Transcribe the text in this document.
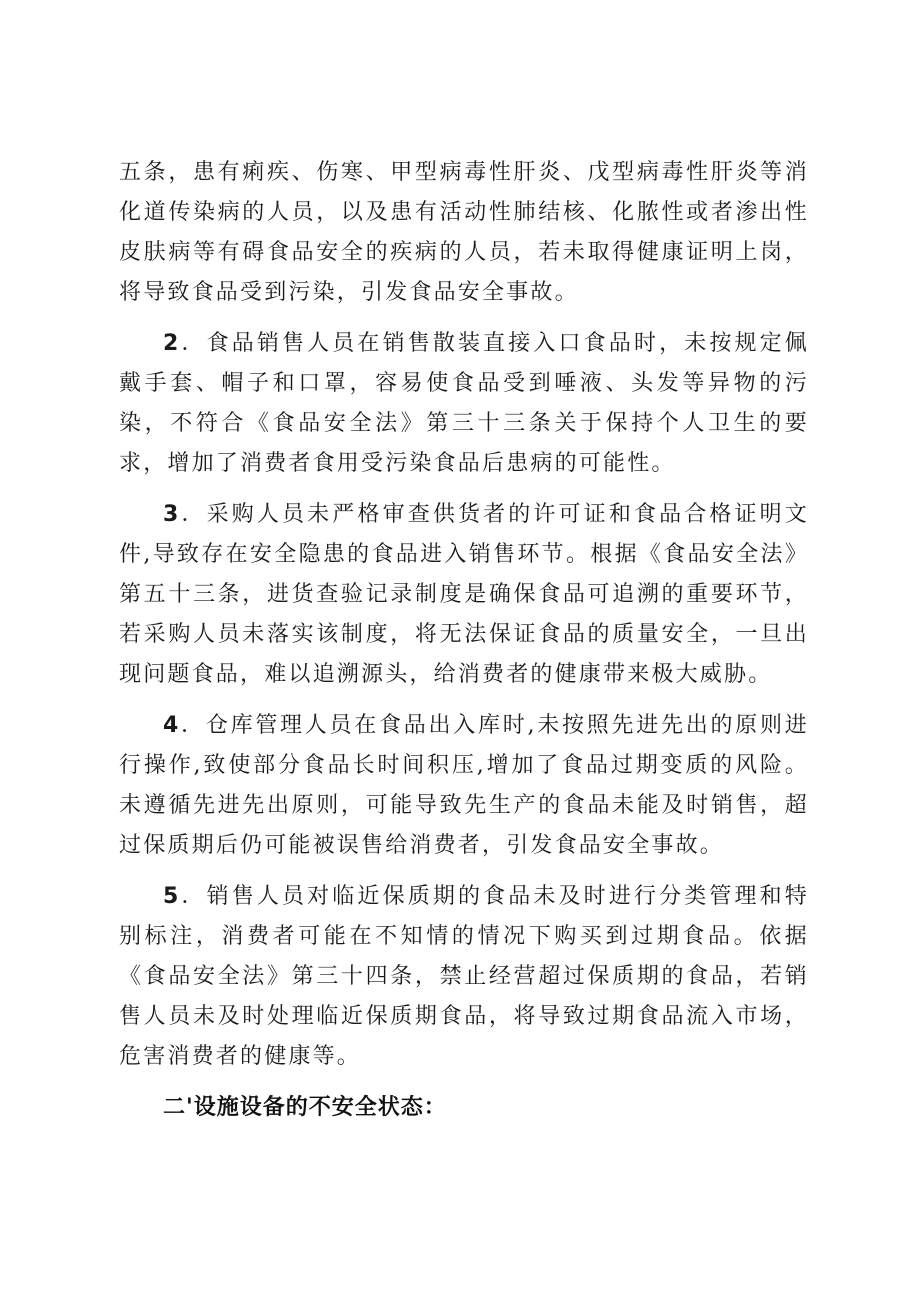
五条，患有痢疾、伤寒、甲型病毒性肝炎、戊型病毒性肝炎等消化道传染病的人员，以及患有活动性肺结核、化脓性或者渗出性皮肤病等有碍食品安全的疾病的人员，若未取得健康证明上岗，将导致食品受到污染，引发食品安全事故。

2．食品销售人员在销售散装直接入口食品时，未按规定佩戴手套、帽子和口罩，容易使食品受到唾液、头发等异物的污染，不符合《食品安全法》第三十三条关于保持个人卫生的要求，增加了消费者食用受污染食品后患病的可能性。

3．采购人员未严格审查供货者的许可证和食品合格证明文件,导致存在安全隐患的食品进入销售环节。根据《食品安全法》第五十三条，进货查验记录制度是确保食品可追溯的重要环节，若采购人员未落实该制度，将无法保证食品的质量安全，一旦出现问题食品，难以追溯源头，给消费者的健康带来极大威胁。

4．仓库管理人员在食品出入库时,未按照先进先出的原则进行操作,致使部分食品长时间积压,增加了食品过期变质的风险。未遵循先进先出原则，可能导致先生产的食品未能及时销售，超过保质期后仍可能被误售给消费者，引发食品安全事故。

5．销售人员对临近保质期的食品未及时进行分类管理和特别标注，消费者可能在不知情的情况下购买到过期食品。依据《食品安全法》第三十四条，禁止经营超过保质期的食品，若销售人员未及时处理临近保质期食品，将导致过期食品流入市场，危害消费者的健康等。

二'设施设备的不安全状态：
